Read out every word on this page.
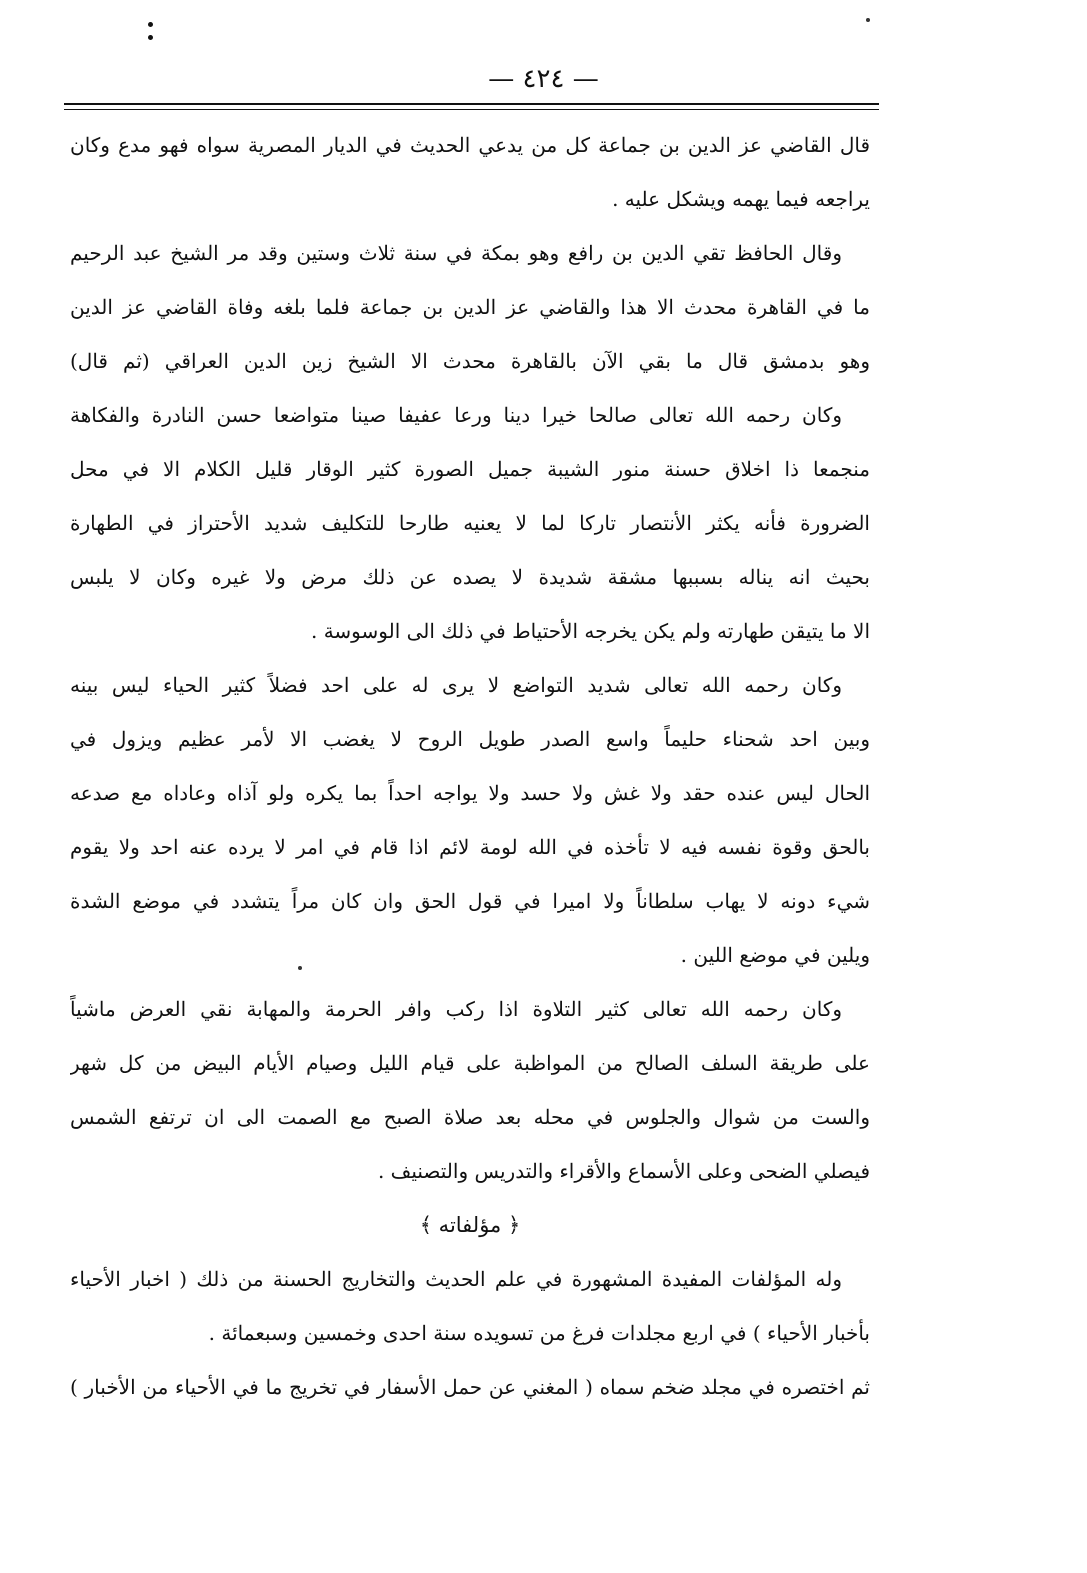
— ٤٢٤ —
قال القاضي عز الدين بن جماعة كل من يدعي الحديث في الديار المصرية سواه فهو مدع وكان
يراجعه فيما يهمه ويشكل عليه .
وقال الحافظ تقي الدين بن رافع وهو بمكة في سنة ثلاث وستين وقد مر الشيخ عبد الرحيم
ما في القاهرة محدث الا هذا والقاضي عز الدين بن جماعة فلما بلغه وفاة القاضي عز الدين
وهو بدمشق قال ما بقي الآن بالقاهرة محدث الا الشيخ زين الدين العراقي (ثم قال)
وكان رحمه الله تعالى صالحا خيرا دينا ورعا عفيفا صينا متواضعا حسن النادرة والفكاهة
منجمعا ذا اخلاق حسنة منور الشيبة جميل الصورة كثير الوقار قليل الكلام الا في محل
الضرورة فأنه يكثر الأنتصار تاركا لما لا يعنيه طارحا للتكليف شديد الأحتراز في الطهارة
بحيث انه يناله بسببها مشقة شديدة لا يصده عن ذلك مرض ولا غيره وكان لا يلبس
الا ما يتيقن طهارته ولم يكن يخرجه الأحتياط في ذلك الى الوسوسة .
وكان رحمه الله تعالى شديد التواضع لا يرى له على احد فضلاً كثير الحياء ليس بينه
وبين احد شحناء حليماً واسع الصدر طويل الروح لا يغضب الا لأمر عظيم ويزول في
الحال ليس عنده حقد ولا غش ولا حسد ولا يواجه احداً بما يكره ولو آذاه وعاداه مع صدعه
بالحق وقوة نفسه فيه لا تأخذه في الله لومة لائم اذا قام في امر لا يرده عنه احد ولا يقوم
شيء دونه لا يهاب سلطاناً ولا اميرا في قول الحق وان كان مراً يتشدد في موضع الشدة
ويلين في موضع اللين .
وكان رحمه الله تعالى كثير التلاوة اذا ركب وافر الحرمة والمهابة نقي العرض ماشياً
على طريقة السلف الصالح من المواظبة على قيام الليل وصيام الأيام البيض من كل شهر
والست من شوال والجلوس في محله بعد صلاة الصبح مع الصمت الى ان ترتفع الشمس
فيصلي الضحى وعلى الأسماع والأقراء والتدريس والتصنيف .
﴿ مؤلفاته ﴾
وله المؤلفات المفيدة المشهورة في علم الحديث والتخاريج الحسنة من ذلك ( اخبار الأحياء
بأخبار الأحياء ) في اربع مجلدات فرغ من تسويده سنة احدى وخمسين وسبعمائة .
ثم اختصره في مجلد ضخم سماه ( المغني عن حمل الأسفار في تخريج ما في الأحياء من الأخبار )
